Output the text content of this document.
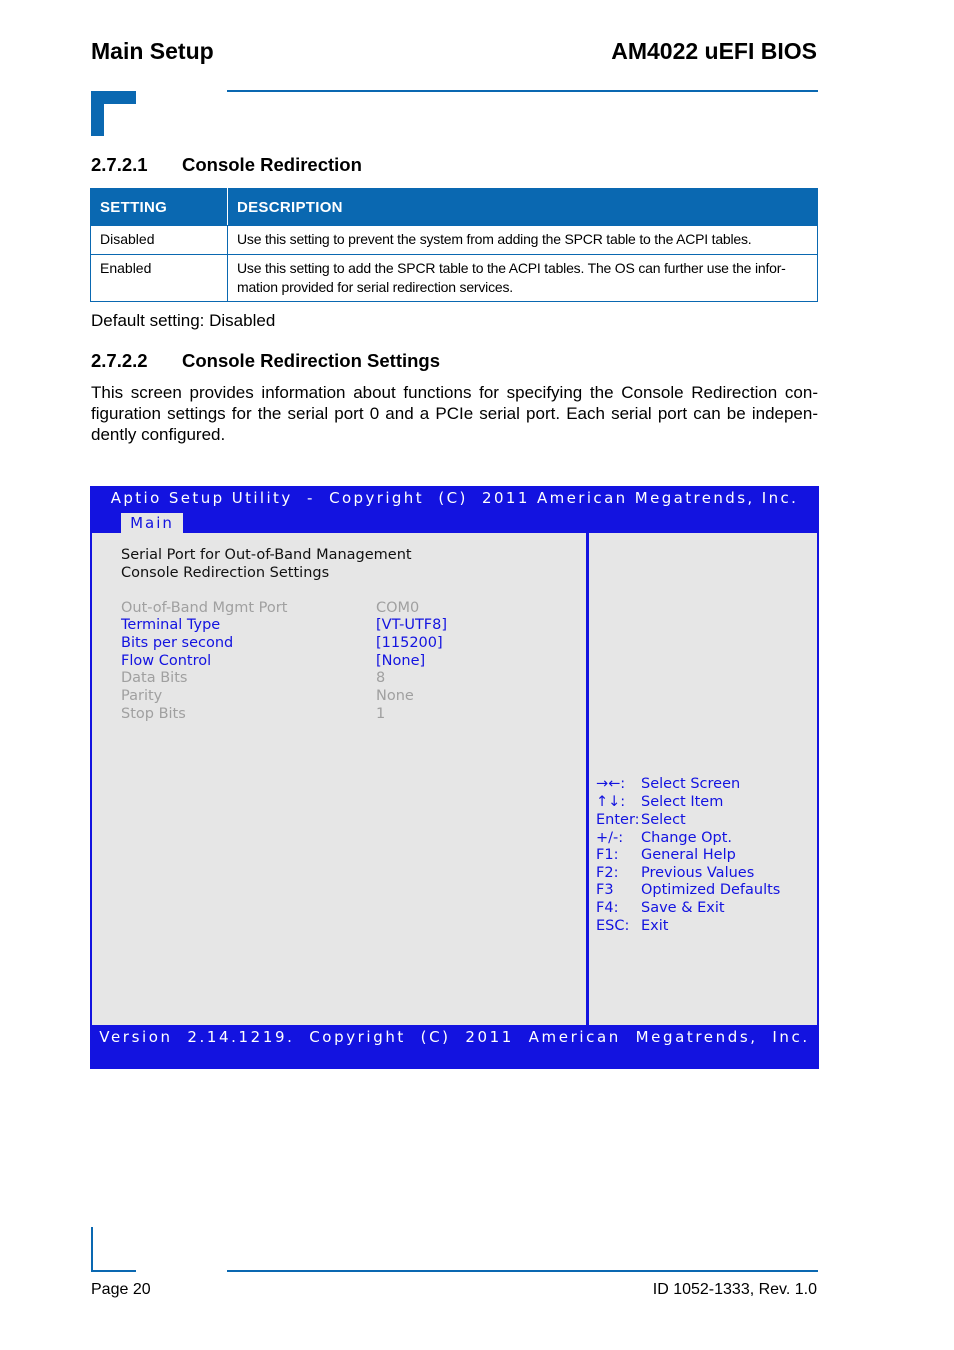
Main Setup	AM4022 uEFI BIOS
2.7.2.1 Console Redirection
SETTING	DESCRIPTION
Disabled	Use this setting to prevent the system from adding the SPCR table to the ACPI tables.
Enabled	Use this setting to add the SPCR table to the ACPI tables. The OS can further use the infor-
mation provided for serial redirection services.
Default setting: Disabled
2.7.2.2 Console Redirection Settings
This screen provides information about functions for specifying the Console Redirection con-
figuration settings for the serial port 0 and a PCIe serial port. Each serial port can be indepen-
dently configured.
Aptio Setup Utility  -  Copyright  (C)  2011 American Megatrends, Inc.
Main
Serial Port for Out-of-Band Management
Console Redirection Settings
Out-of-Band Mgmt Port	COM0
Terminal Type	[VT-UTF8]
Bits per second	[115200]
Flow Control	[None]
Data Bits	8
Parity	None
Stop Bits	1
→←: Select Screen
↑↓: Select Item
Enter: Select
+/-: Change Opt.
F1: General Help
F2: Previous Values
F3 Optimized Defaults
F4: Save & Exit
ESC: Exit
Version  2.14.1219.  Copyright  (C)  2011  American  Megatrends,  Inc.
Page 20	ID 1052-1333, Rev. 1.0
